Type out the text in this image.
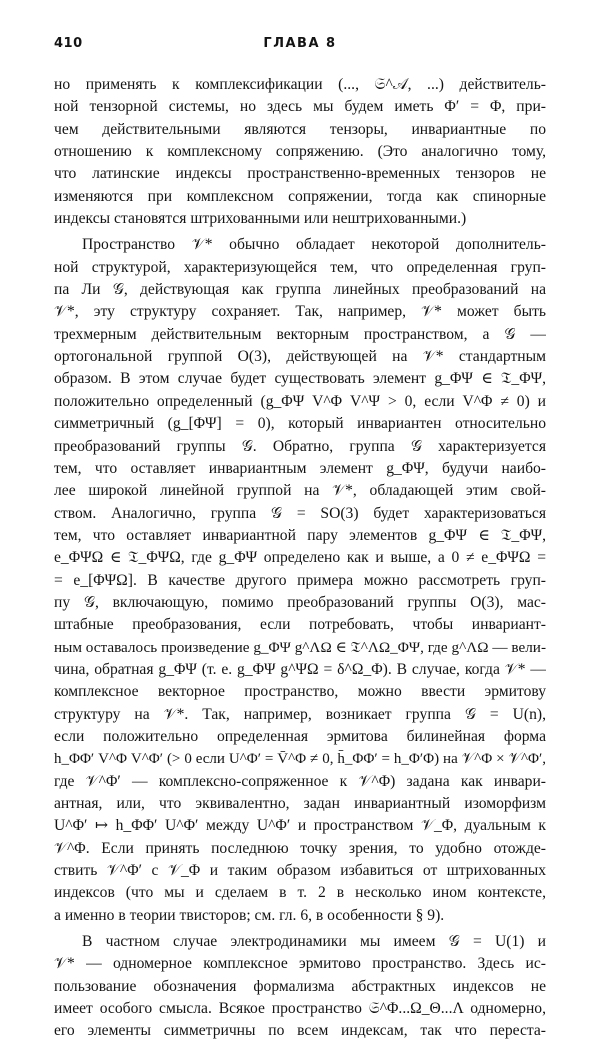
410	ГЛАВА 8
но применять к комплексификации (..., 𝔖^𝒜, ...) действитель-
ной тензорной системы, но здесь мы будем иметь Φ′ = Φ, при-
чем действительными являются тензоры, инвариантные по
отношению к комплексному сопряжению. (Это аналогично тому,
что латинские индексы пространственно-временных тензоров не
изменяются при комплексном сопряжении, тогда как спинорные
индексы становятся штрихованными или нештрихованными.)
Пространство 𝒱* обычно обладает некоторой дополнитель-
ной структурой, характеризующейся тем, что определенная груп-
па Ли 𝒢, действующая как группа линейных преобразований на
𝒱*, эту структуру сохраняет. Так, например, 𝒱* может быть
трехмерным действительным векторным пространством, а 𝒢 —
ортогональной группой O(3), действующей на 𝒱* стандартным
образом. В этом случае будет существовать элемент g_ΦΨ ∈ 𝔗_ΦΨ,
положительно определенный (g_ΦΨ V^Φ V^Ψ > 0, если V^Φ ≠ 0) и
симметричный (g_[ΦΨ] = 0), который инвариантен относительно
преобразований группы 𝒢. Обратно, группа 𝒢 характеризуется
тем, что оставляет инвариантным элемент g_ΦΨ, будучи наибо-
лее широкой линейной группой на 𝒱*, обладающей этим свой-
ством. Аналогично, группа 𝒢 = SO(3) будет характеризоваться
тем, что оставляет инвариантной пару элементов g_ΦΨ ∈ 𝔗_ΦΨ,
e_ΦΨΩ ∈ 𝔗_ΦΨΩ, где g_ΦΨ определено как и выше, а 0 ≠ e_ΦΨΩ =
= e_[ΦΨΩ]. В качестве другого примера можно рассмотреть груп-
пу 𝒢, включающую, помимо преобразований группы O(3), мас-
штабные преобразования, если потребовать, чтобы инвариант-
ным оставалось произведение g_ΦΨ g^ΛΩ ∈ 𝔗^ΛΩ_ΦΨ, где g^ΛΩ — вели-
чина, обратная g_ΦΨ (т. е. g_ΦΨ g^ΨΩ = δ^Ω_Φ). В случае, когда 𝒱* —
комплексное векторное пространство, можно ввести эрмитову
структуру на 𝒱*. Так, например, возникает группа 𝒢 = U(n),
если положительно определенная эрмитова билинейная форма
h_ΦΦ′ V^Φ V^Φ′ (> 0 если U^Φ′ = V̄^Φ ≠ 0, h̄_ΦΦ′ = h_Φ′Φ) на 𝒱^Φ × 𝒱^Φ′,
где 𝒱^Φ′ — комплексно-сопряженное к 𝒱^Φ) задана как инвари-
антная, или, что эквивалентно, задан инвариантный изоморфизм
U^Φ′ ↦ h_ΦΦ′ U^Φ′ между U^Φ′ и пространством 𝒱_Φ, дуальным к
𝒱^Φ. Если принять последнюю точку зрения, то удобно отожде-
ствить 𝒱^Φ′ с 𝒱_Φ и таким образом избавиться от штрихованных
индексов (что мы и сделаем в т. 2 в несколько ином контексте,
а именно в теории твисторов; см. гл. 6, в особенности § 9).
В частном случае электродинамики мы имеем 𝒢 = U(1) и
𝒱* — одномерное комплексное эрмитово пространство. Здесь ис-
пользование обозначения формализма абстрактных индексов не
имеет особого смысла. Всякое пространство 𝔖^Φ...Ω_Θ...Λ одномерно,
его элементы симметричны по всем индексам, так что переста-
